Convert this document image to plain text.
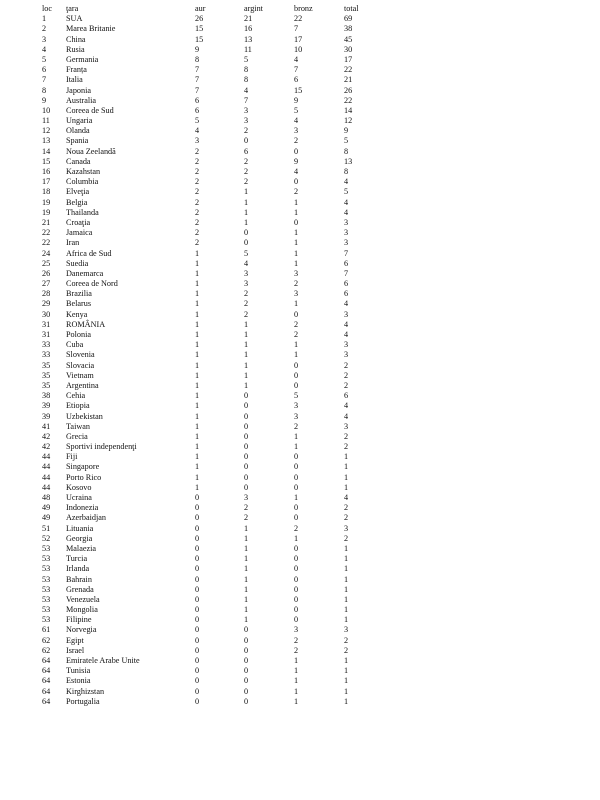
loc ţara	aur	argint	bronz	total
1 SUA	26	21	22	69
2 Marea Britanie	15	16	7	38
3 China	15	13	17	45
4 Rusia	9	11	10	30
5 Germania	8	5	4	17
6 Franța	7	8	7	22
7 Italia	7	8	6	21
8 Japonia	7	4	15	26
9 Australia	6	7	9	22
10 Coreea de Sud	6	3	5	14
11 Ungaria	5	3	4	12
12 Olanda	4	2	3	9
13 Spania	3	0	2	5
14 Noua Zeelandă	2	6	0	8
15 Canada	2	2	9	13
16 Kazahstan	2	2	4	8
17 Columbia	2	2	0	4
18 Elveţia	2	1	2	5
19 Belgia	2	1	1	4
19 Thailanda	2	1	1	4
21 Croaţia	2	1	0	3
22 Jamaica	2	0	1	3
22 Iran	2	0	1	3
24 Africa de Sud	1	5	1	7
25 Suedia	1	4	1	6
26 Danemarca	1	3	3	7
27 Coreea de Nord	1	3	2	6
28 Brazilia	1	2	3	6
29 Belarus	1	2	1	4
30 Kenya	1	2	0	3
31 ROMÂNIA	1	1	2	4
31 Polonia	1	1	2	4
33 Cuba	1	1	1	3
33 Slovenia	1	1	1	3
35 Slovacia	1	1	0	2
35 Vietnam	1	1	0	2
35 Argentina	1	1	0	2
38 Cehia	1	0	5	6
39 Etiopia	1	0	3	4
39 Uzbekistan	1	0	3	4
41 Taiwan	1	0	2	3
42 Grecia	1	0	1	2
42 Sportivi independenţi	1	0	1	2
44 Fiji	1	0	0	1
44 Singapore	1	0	0	1
44 Porto Rico	1	0	0	1
44 Kosovo	1	0	0	1
48 Ucraina	0	3	1	4
49 Indonezia	0	2	0	2
49 Azerbaidjan	0	2	0	2
51 Lituania	0	1	2	3
52 Georgia	0	1	1	2
53 Malaezia	0	1	0	1
53 Turcia	0	1	0	1
53 Irlanda	0	1	0	1
53 Bahrain	0	1	0	1
53 Grenada	0	1	0	1
53 Venezuela	0	1	0	1
53 Mongolia	0	1	0	1
53 Filipine	0	1	0	1
61 Norvegia	0	0	3	3
62 Egipt	0	0	2	2
62 Israel	0	0	2	2
64 Emiratele Arabe Unite	0	0	1	1
64 Tunisia	0	0	1	1
64 Estonia	0	0	1	1
64 Kirghizstan	0	0	1	1
64 Portugalia	0	0	1	1
